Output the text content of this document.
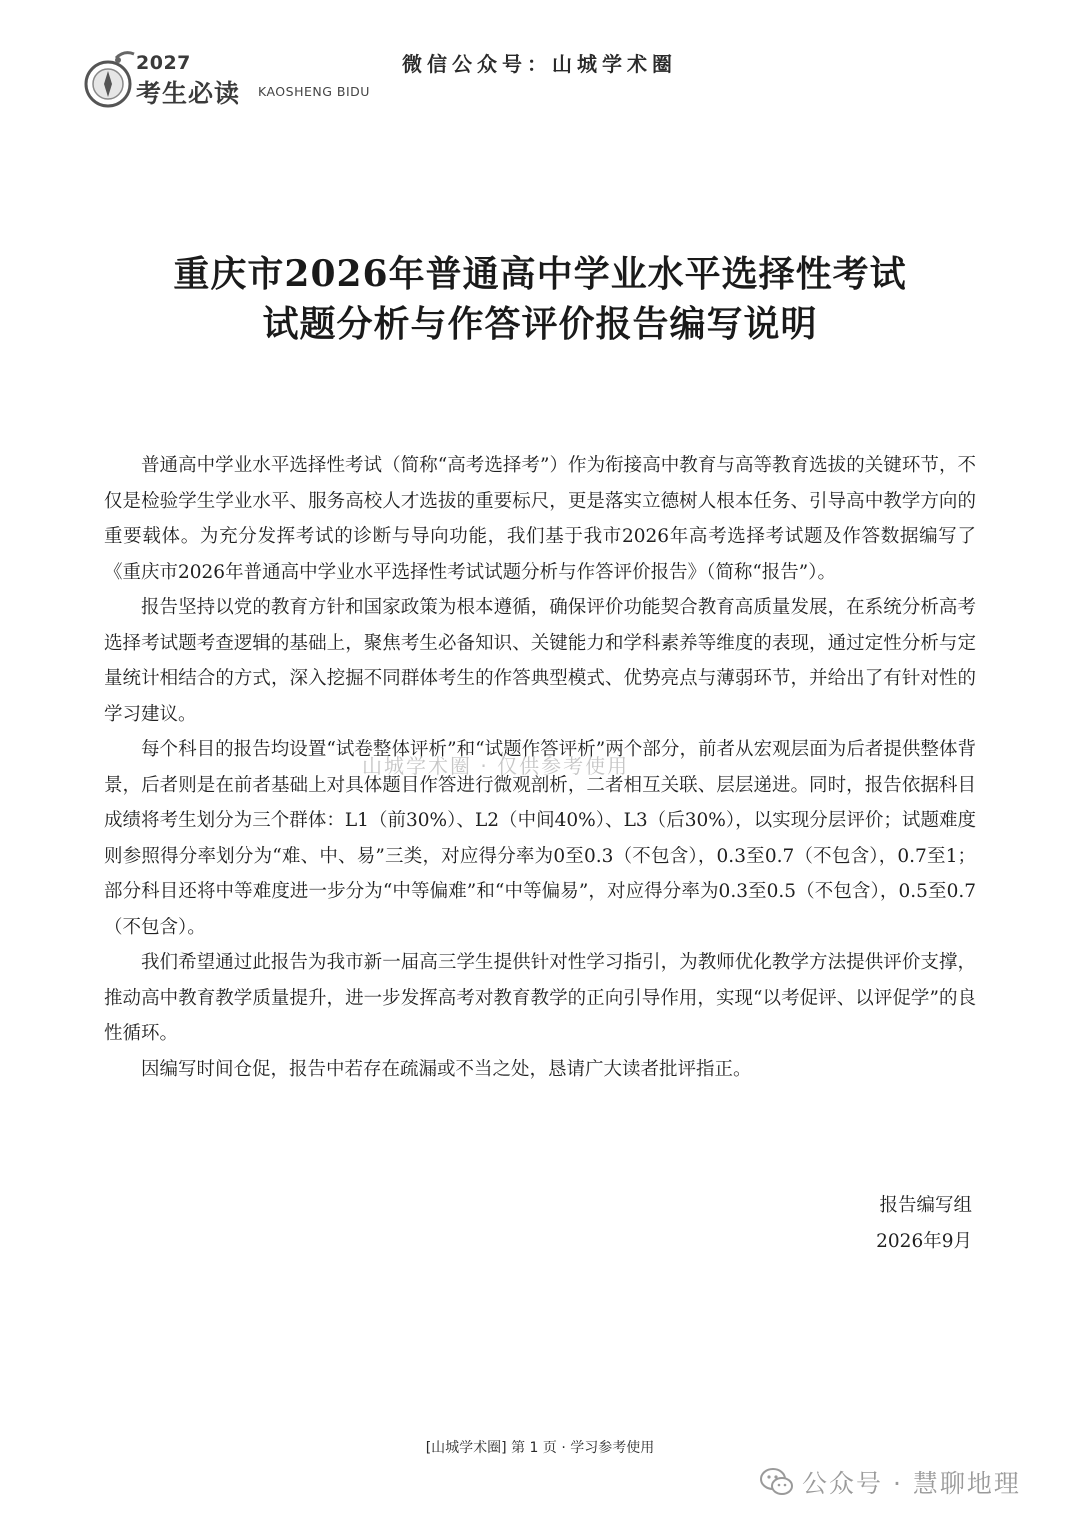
2027
考生必读 KAOSHENG BIDU
微信公众号：山城学术圈
重庆市2026年普通高中学业水平选择性考试
试题分析与作答评价报告编写说明

普通高中学业水平选择性考试（简称“高考选择考”）作为衔接高中教育与高等教育选拔的关键环节，不仅是检验学生学业水平、服务高校人才选拔的重要标尺，更是落实立德树人根本任务、引导高中教学方向的重要载体。为充分发挥考试的诊断与导向功能，我们基于我市2026年高考选择考试题及作答数据编写了《重庆市2026年普通高中学业水平选择性考试试题分析与作答评价报告》（简称“报告”）。

报告坚持以党的教育方针和国家政策为根本遵循，确保评价功能契合教育高质量发展，在系统分析高考选择考试题考查逻辑的基础上，聚焦考生必备知识、关键能力和学科素养等维度的表现，通过定性分析与定量统计相结合的方式，深入挖掘不同群体考生的作答典型模式、优势亮点与薄弱环节，并给出了有针对性的学习建议。

每个科目的报告均设置“试卷整体评析”和“试题作答评析”两个部分，前者从宏观层面为后者提供整体背景，后者则是在前者基础上对具体题目作答进行微观剖析，二者相互关联、层层递进。同时，报告依据科目成绩将考生划分为三个群体：L1（前30%）、L2（中间40%）、L3（后30%），以实现分层评价；试题难度则参照得分率划分为“难、中、易”三类，对应得分率为0至0.3（不包含），0.3至0.7（不包含），0.7至1；部分科目还将中等难度进一步分为“中等偏难”和“中等偏易”，对应得分率为0.3至0.5（不包含），0.5至0.7（不包含）。

我们希望通过此报告为我市新一届高三学生提供针对性学习指引，为教师优化教学方法提供评价支撑，推动高中教育教学质量提升，进一步发挥高考对教育教学的正向引导作用，实现“以考促评、以评促学”的良性循环。

因编写时间仓促，报告中若存在疏漏或不当之处，恳请广大读者批评指正。

山城学术圈 · 仅供参考使用
报告编写组
2026年9月
[山城学术圈] 第 1 页 · 学习参考使用
公众号 · 慧聊地理
